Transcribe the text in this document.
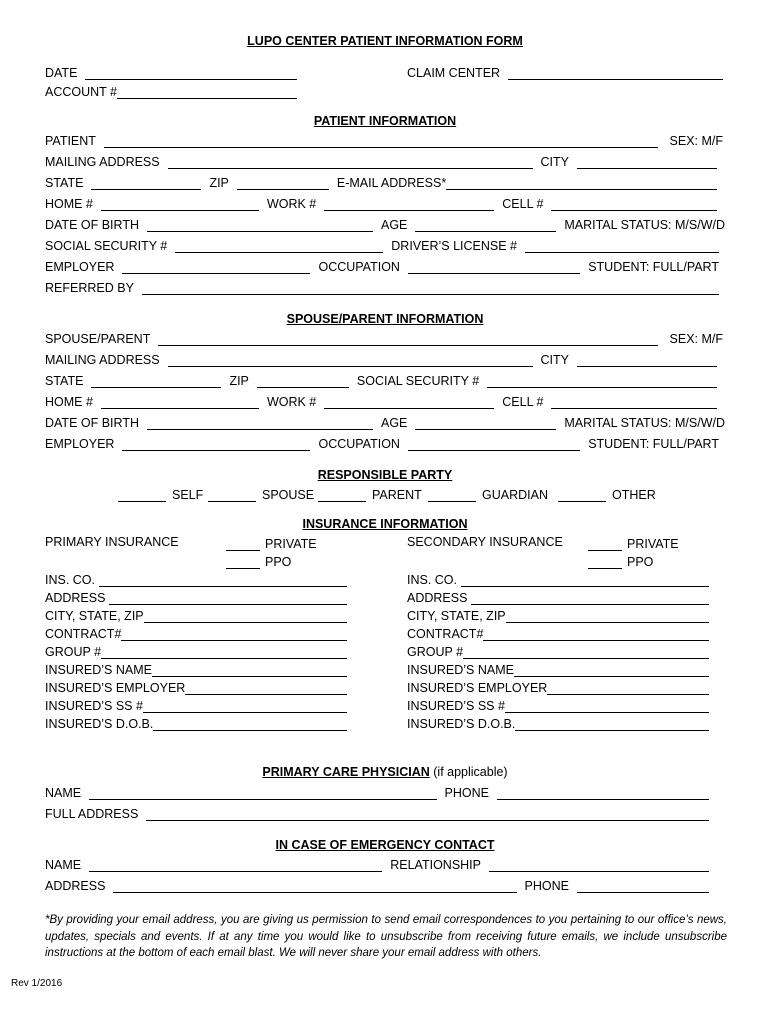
LUPO CENTER PATIENT INFORMATION FORM
DATE	CLAIM CENTER
ACCOUNT #
PATIENT INFORMATION
PATIENT	SEX: M/F
MAILING ADDRESS	CITY
STATE	ZIP	E-MAIL ADDRESS*
HOME #	WORK #	CELL #
DATE OF BIRTH	AGE	MARITAL STATUS: M/S/W/D
SOCIAL SECURITY #	DRIVER’S LICENSE #
EMPLOYER	OCCUPATION	STUDENT: FULL/PART
REFERRED BY
SPOUSE/PARENT INFORMATION
SPOUSE/PARENT	SEX: M/F
MAILING ADDRESS	CITY
STATE	ZIP	SOCIAL SECURITY #
HOME #	WORK #	CELL #
DATE OF BIRTH	AGE	MARITAL STATUS: M/S/W/D
EMPLOYER	OCCUPATION	STUDENT: FULL/PART
RESPONSIBLE PARTY
SELF	SPOUSE	PARENT	GUARDIAN	OTHER
INSURANCE INFORMATION
PRIMARY INSURANCE	PRIVATE
PPO
SECONDARY INSURANCE	PRIVATE
PPO
INS. CO.
ADDRESS
CITY, STATE, ZIP
CONTRACT#
GROUP #
INSURED’S NAME
INSURED’S EMPLOYER
INSURED’S SS #
INSURED’S D.O.B.
INS. CO.
ADDRESS
CITY, STATE, ZIP
CONTRACT#
GROUP #
INSURED’S NAME
INSURED’S EMPLOYER
INSURED’S SS #
INSURED’S D.O.B.
PRIMARY CARE PHYSICIAN (if applicable)
NAME	PHONE
FULL ADDRESS
IN CASE OF EMERGENCY CONTACT
NAME	RELATIONSHIP
ADDRESS	PHONE
*By providing your email address, you are giving us permission to send email correspondences to you pertaining to our office’s news, updates, specials and events. If at any time you would like to unsubscribe from receiving future emails, we include unsubscribe instructions at the bottom of each email blast. We will never share your email address with others.
Rev 1/2016
